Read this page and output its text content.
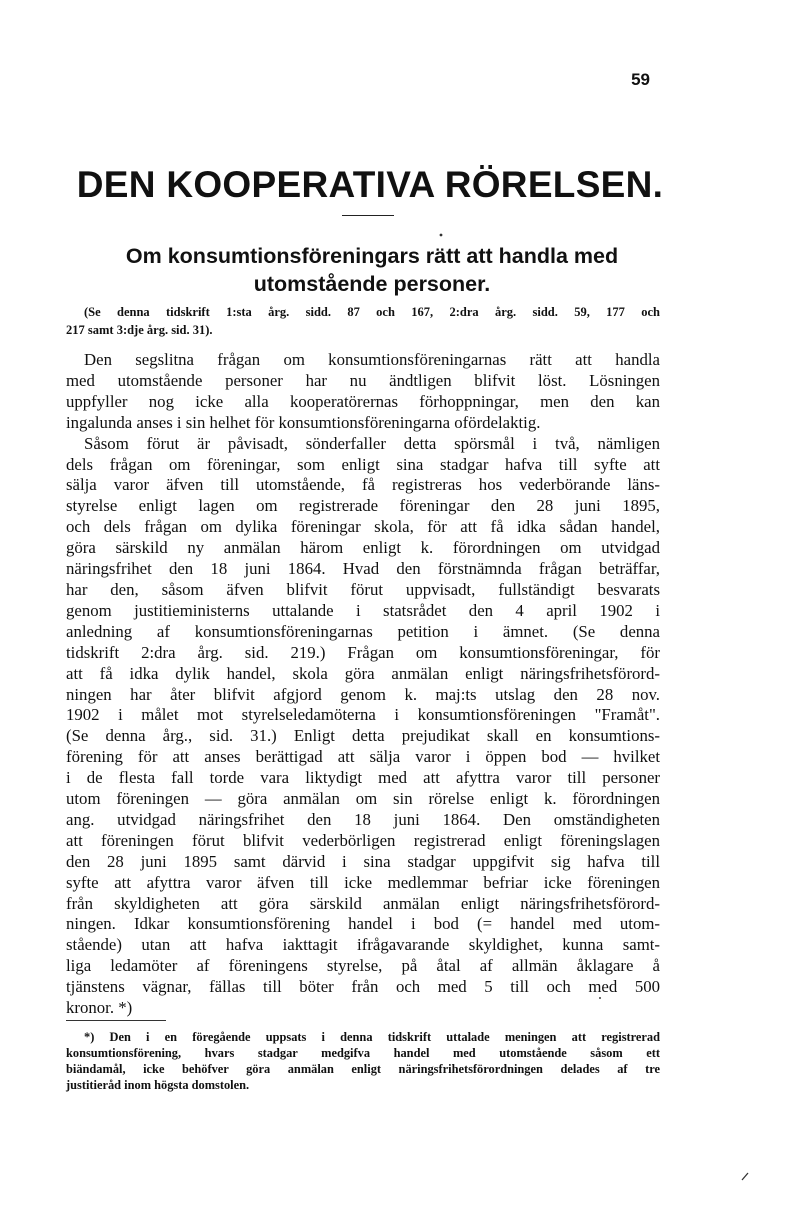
59
DEN KOOPERATIVA RÖRELSEN.
Om konsumtionsföreningars rätt att handla med
utomstående personer.
(Se denna tidskrift 1:sta årg. sidd. 87 och 167, 2:dra årg. sidd. 59, 177 och
217 samt 3:dje årg. sid. 31).
Den segslitna frågan om konsumtionsföreningarnas rätt att handla
med utomstående personer har nu ändtligen blifvit löst. Lösningen
uppfyller nog icke alla kooperatörernas förhoppningar, men den kan
ingalunda anses i sin helhet för konsumtionsföreningarna ofördelaktig.
Såsom förut är påvisadt, sönderfaller detta spörsmål i två, nämligen
dels frågan om föreningar, som enligt sina stadgar hafva till syfte att
sälja varor äfven till utomstående, få registreras hos vederbörande läns-
styrelse enligt lagen om registrerade föreningar den 28 juni 1895,
och dels frågan om dylika föreningar skola, för att få idka sådan handel,
göra särskild ny anmälan härom enligt k. förordningen om utvidgad
näringsfrihet den 18 juni 1864. Hvad den förstnämnda frågan beträffar,
har den, såsom äfven blifvit förut uppvisadt, fullständigt besvarats
genom justitieministerns uttalande i statsrådet den 4 april 1902 i
anledning af konsumtionsföreningarnas petition i ämnet. (Se denna
tidskrift 2:dra årg. sid. 219.) Frågan om konsumtionsföreningar, för
att få idka dylik handel, skola göra anmälan enligt näringsfrihetsförord-
ningen har åter blifvit afgjord genom k. maj:ts utslag den 28 nov.
1902 i målet mot styrelseledamöterna i konsumtionsföreningen "Framåt".
(Se denna årg., sid. 31.) Enligt detta prejudikat skall en konsumtions-
förening för att anses berättigad att sälja varor i öppen bod — hvilket
i de flesta fall torde vara liktydigt med att afyttra varor till personer
utom föreningen — göra anmälan om sin rörelse enligt k. förordningen
ang. utvidgad näringsfrihet den 18 juni 1864. Den omständigheten
att föreningen förut blifvit vederbörligen registrerad enligt föreningslagen
den 28 juni 1895 samt därvid i sina stadgar uppgifvit sig hafva till
syfte att afyttra varor äfven till icke medlemmar befriar icke föreningen
från skyldigheten att göra särskild anmälan enligt näringsfrihetsförord-
ningen. Idkar konsumtionsförening handel i bod (= handel med utom-
stående) utan att hafva iakttagit ifrågavarande skyldighet, kunna samt-
liga ledamöter af föreningens styrelse, på åtal af allmän åklagare å
tjänstens vägnar, fällas till böter från och med 5 till och med 500
kronor. *)
*) Den i en föregående uppsats i denna tidskrift uttalade meningen att registrerad
konsumtionsförening, hvars stadgar medgifva handel med utomstående såsom ett
biändamål, icke behöfver göra anmälan enligt näringsfrihetsförordningen delades af tre
justitieråd inom högsta domstolen.
